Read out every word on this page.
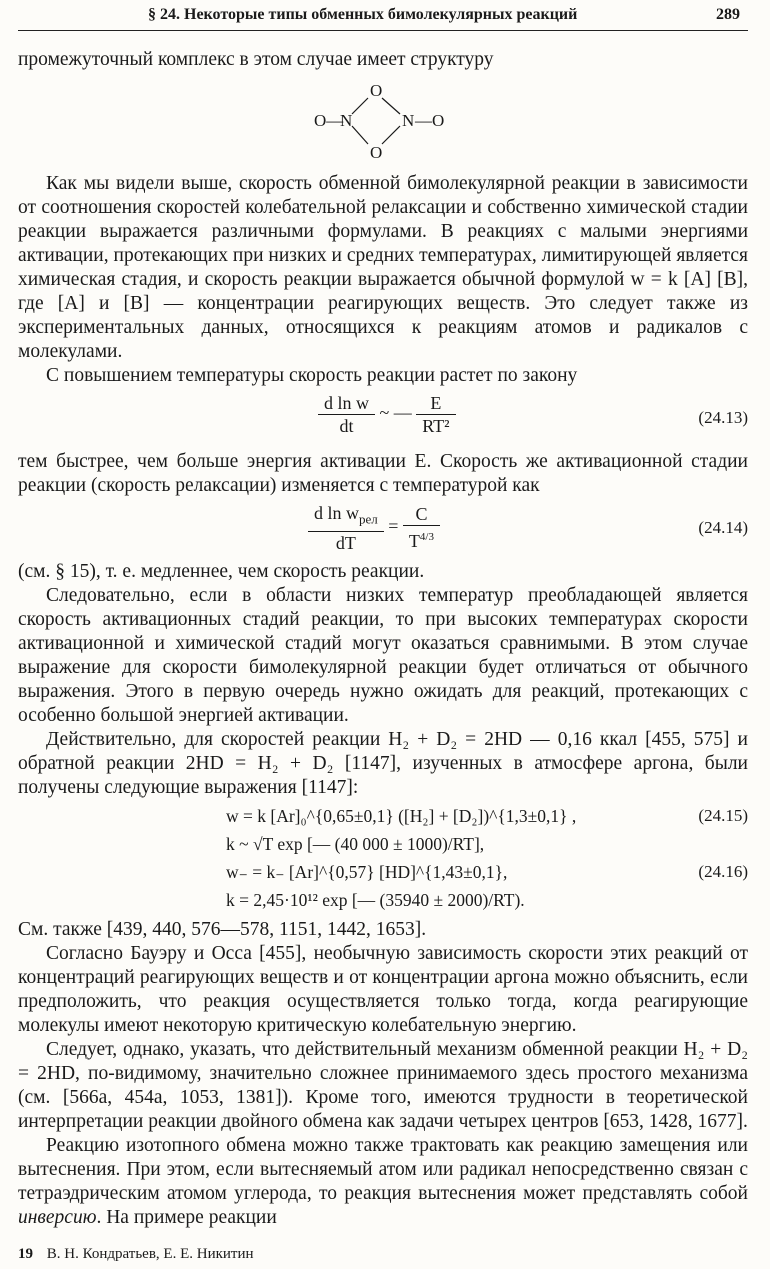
§ 24. Некоторые типы обменных бимолекулярных реакций	289

промежуточный комплекс в этом случае имеет структуру

O—
N
O
O
N —O

Как мы видели выше, скорость обменной бимолекулярной реакции в зависимости от соотношения скоростей колебательной релаксации и собственно химической стадии реакции выражается различными формулами. В реакциях с малыми энергиями активации, протекающих при низких и средних температурах, лимитирующей является химическая стадия, и скорость реакции выражается обычной формулой w = k [A] [B], где [A] и [B] — концентрации реагирующих веществ. Это следует также из экспериментальных данных, относящихся к реакциям атомов и радикалов с молекулами.

С повышением температуры скорость реакции растет по закону

$\frac{\text{d ln w}}{dt}$ ~ — $\frac{E}{\text{RT²}}$	(24.13)

тем быстрее, чем больше энергия активации E. Скорость же активационной стадии реакции (скорость релаксации) изменяется с температурой как

$\frac{d \ln w_{рел}}{dT} = \frac{C}{T^{4/3}}$	(24.14)

(см. § 15), т. е. медленнее, чем скорость реакции.

Следовательно, если в области низких температур преобладающей является скорость активационных стадий реакции, то при высоких температурах скорости активационной и химической стадий могут оказаться сравнимыми. В этом случае выражение для скорости бимолекулярной реакции будет отличаться от обычного выражения. Этого в первую очередь нужно ожидать для реакций, протекающих с особенно большой энергией активации.

Действительно, для скоростей реакции H₂ + D₂ = 2HD — 0,16 ккал [455, 575] и обратной реакции 2HD = H₂ + D₂ [1147], изученных в атмосфере аргона, были получены следующие выражения [1147]:

w = k [Ar]₀^{0,65±0,1} ([H₂] + [D₂])^{1,3±0,1} ,	(24.15)
k ~ √T exp [— (40 000 ± 1000)/RT],
w₋ = k₋ [Ar]^{0,57} [HD]^{1,43±0,1},	(24.16)
k = 2,45·10¹² exp [— (35940 ± 2000)/RT).

См. также [439, 440, 576—578, 1151, 1442, 1653].

Согласно Бауэру и Осса [455], необычную зависимость скорости этих реакций от концентраций реагирующих веществ и от концентрации аргона можно объяснить, если предположить, что реакция осуществляется только тогда, когда реагирующие молекулы имеют некоторую критическую колебательную энергию.

Следует, однако, указать, что действительный механизм обменной реакции H₂ + D₂ = 2HD, по-видимому, значительно сложнее принимаемого здесь простого механизма (см. [566а, 454а, 1053, 1381]). Кроме того, имеются трудности в теоретической интерпретации реакции двойного обмена как задачи четырех центров [653, 1428, 1677].

Реакцию изотопного обмена можно также трактовать как реакцию замещения или вытеснения. При этом, если вытесняемый атом или радикал непосредственно связан с тетраэдрическим атомом углерода, то реакция вытеснения может представлять собой инверсию. На примере реакции

19 В. Н. Кондратьев, Е. Е. Никитин
